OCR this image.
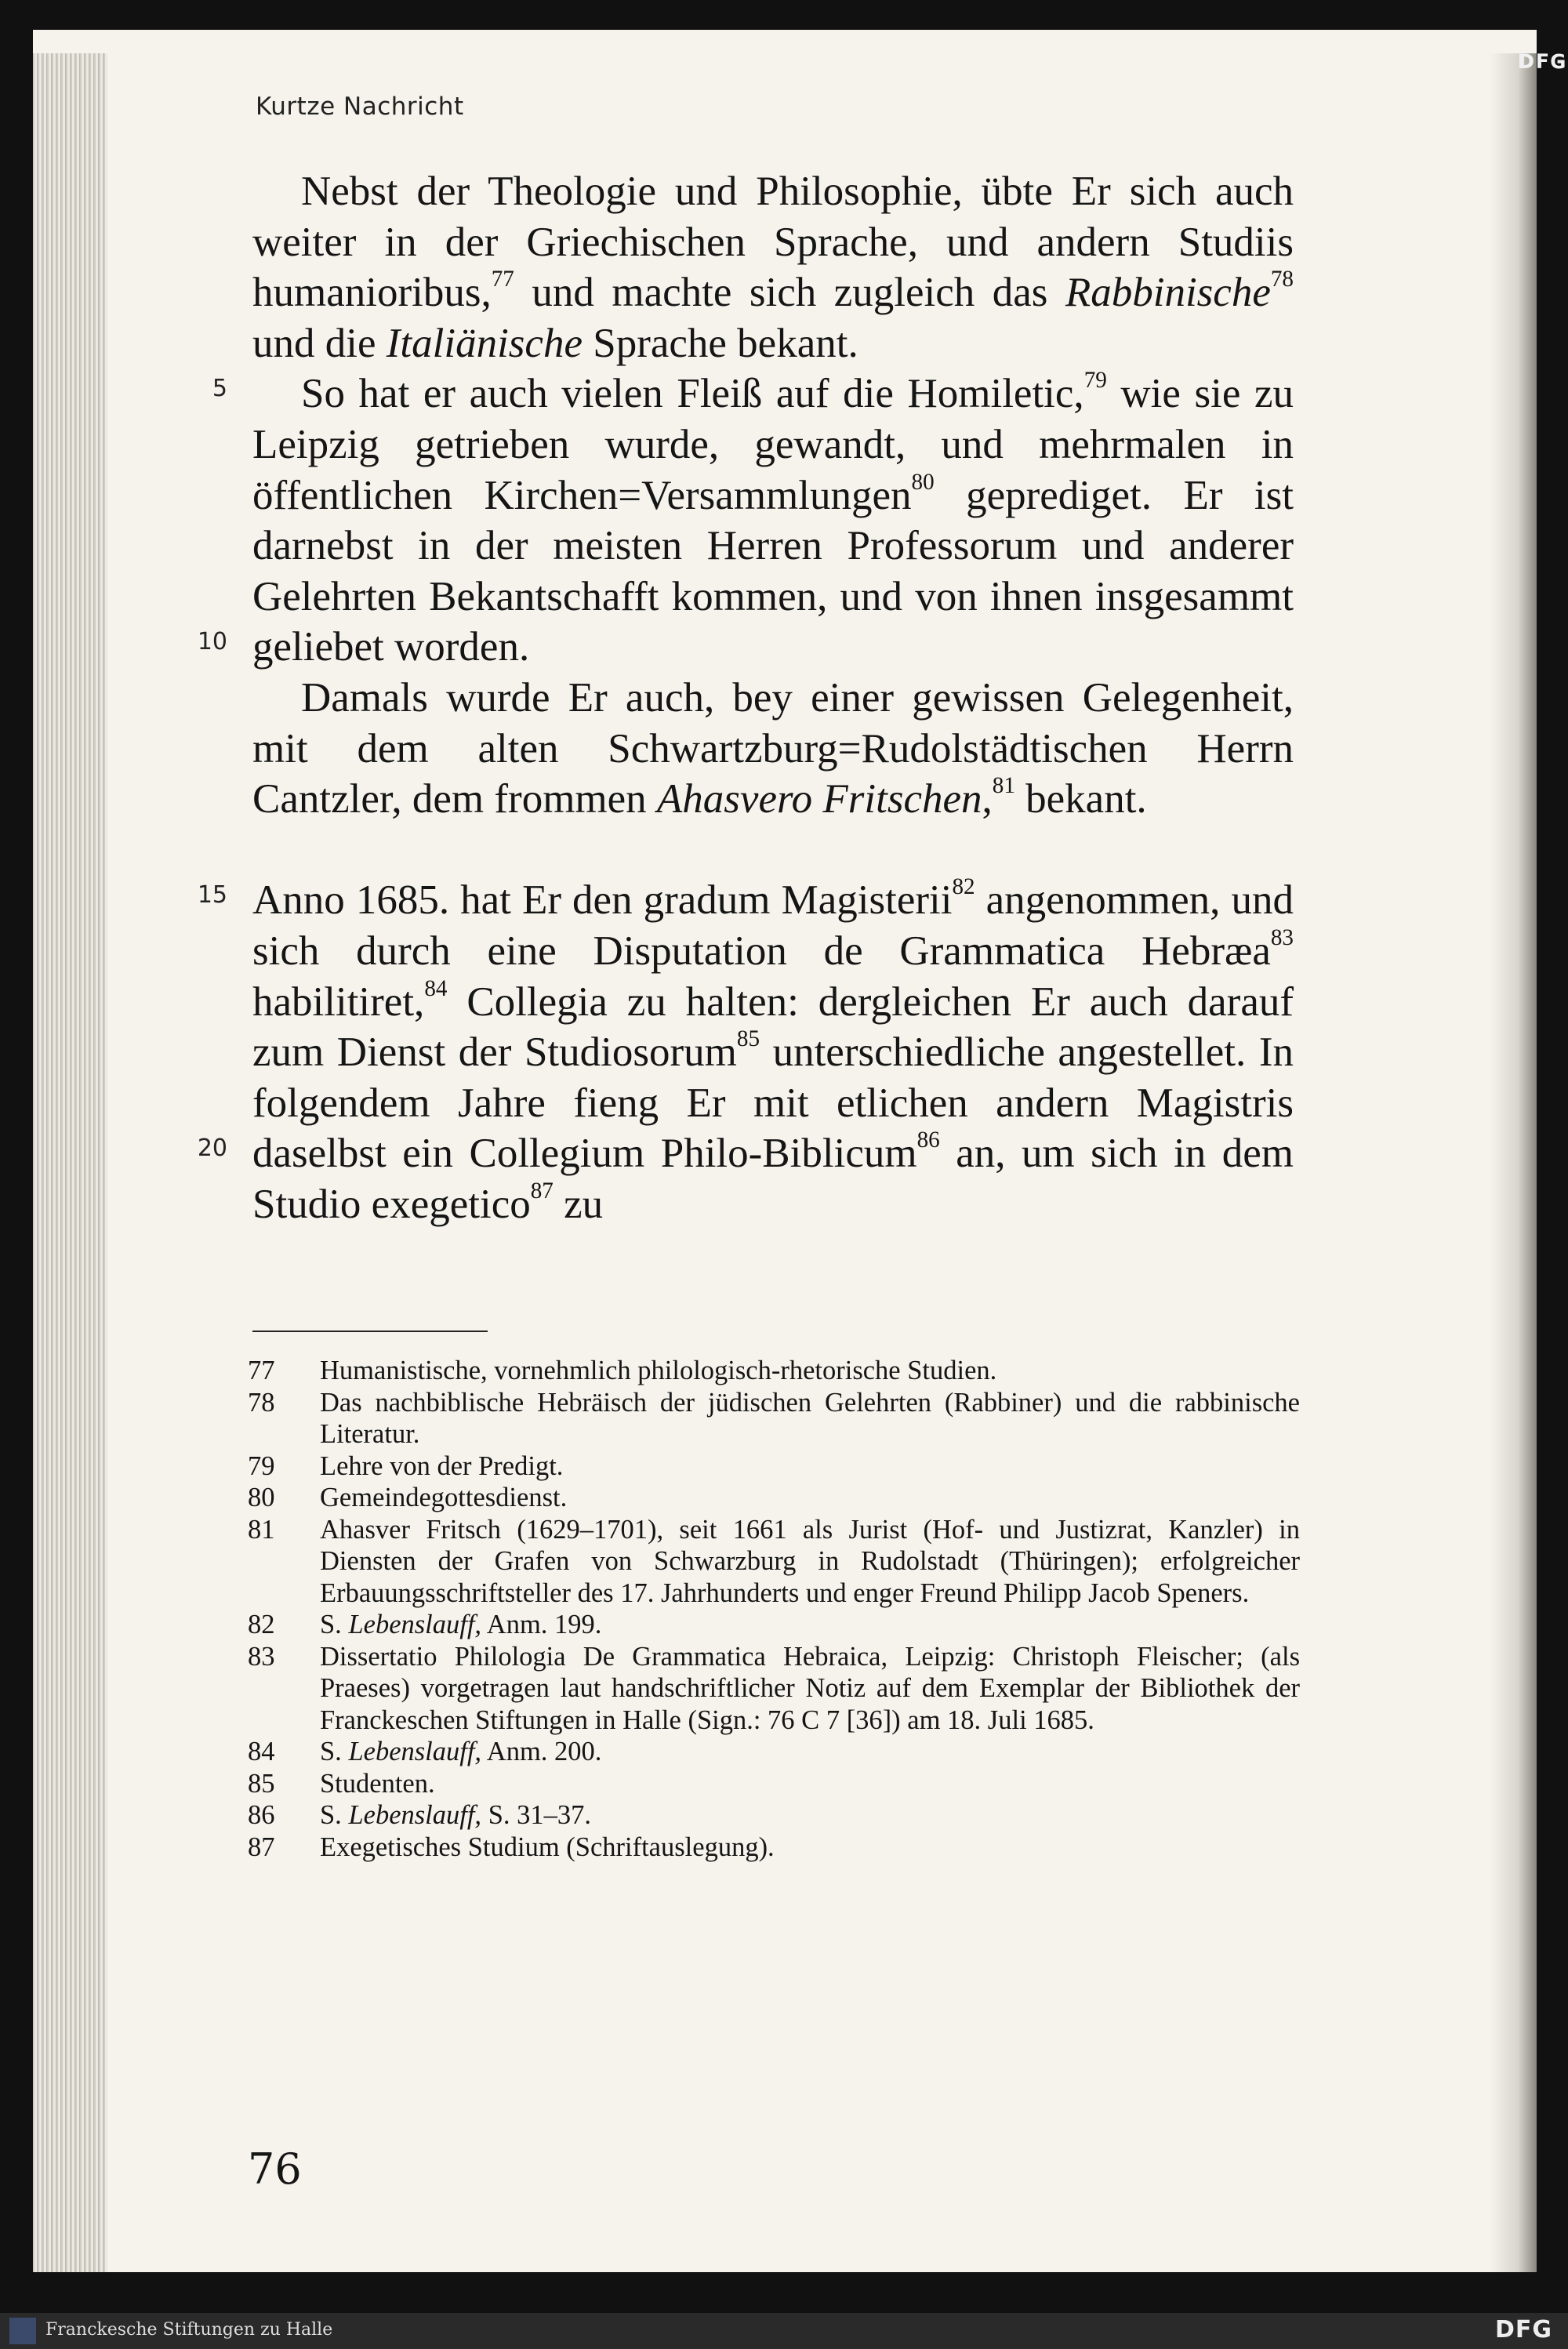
ᴅꜰɢ
Kurtze Nachricht
5
10
15
20

Nebst der Theologie und Philosophie, übte Er sich auch weiter in der Griechischen Sprache, und andern Studiis humanioribus,$^{77}$ und machte sich zugleich das Rabbinische$^{78}$ und die Italiänische Sprache bekant.

So hat er auch vielen Fleiß auf die Homiletic,$^{79}$ wie sie zu Leipzig getrieben wurde, gewandt, und mehrmalen in öffentlichen Kirchen=Versammlungen$^{80}$ geprediget. Er ist darnebst in der meisten Herren Professorum und anderer Gelehrten Bekantschafft kommen, und von ihnen insgesammt geliebet worden.

Damals wurde Er auch, bey einer gewissen Gelegenheit, mit dem alten Schwartzburg=Rudolstädtischen Herrn Cantzler, dem frommen Ahasvero Fritschen,$^{81}$ bekant.

Anno 1685. hat Er den gradum Magisterii$^{82}$ angenommen, und sich durch eine Disputation de Grammatica Hebræa$^{83}$ habilitiret,$^{84}$ Collegia zu halten: dergleichen Er auch darauf zum Dienst der Studiosorum$^{85}$ unterschiedliche angestellet. In folgendem Jahre fieng Er mit etlichen andern Magistris daselbst ein Collegium Philo-Biblicum$^{86}$ an, um sich in dem Studio exegetico$^{87}$ zu

77	Humanistische, vornehmlich philologisch-rhetorische Studien.
78	Das nachbiblische Hebräisch der jüdischen Gelehrten (Rabbiner) und die rabbinische Literatur.
79	Lehre von der Predigt.
80	Gemeindegottesdienst.
81	Ahasver Fritsch (1629–1701), seit 1661 als Jurist (Hof- und Justizrat, Kanzler) in Diensten der Grafen von Schwarzburg in Rudolstadt (Thüringen); erfolgreicher Erbauungsschriftsteller des 17. Jahrhunderts und enger Freund Philipp Jacob Speners.
82	S. Lebenslauff, Anm. 199.
83	Dissertatio Philologia De Grammatica Hebraica, Leipzig: Christoph Fleischer; (als Praeses) vorgetragen laut handschriftlicher Notiz auf dem Exemplar der Bibliothek der Franckeschen Stiftungen in Halle (Sign.: 76 C 7 [36]) am 18. Juli 1685.
84	S. Lebenslauff, Anm. 200.
85	Studenten.
86	S. Lebenslauff, S. 31–37.
87	Exegetisches Studium (Schriftauslegung).
76
Franckesche Stiftungen zu Halle	DFG
